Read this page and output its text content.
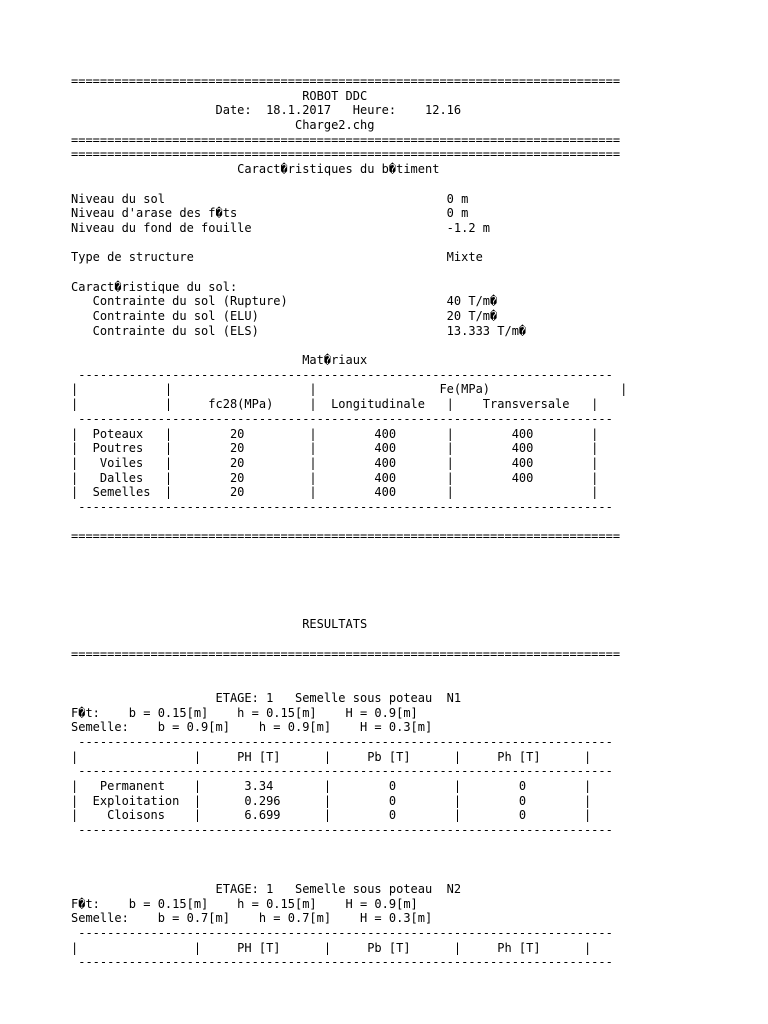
============================================================================
ROBOT DDC
Date:  18.1.2017   Heure:    12.16
Charge2.chg
============================================================================
============================================================================
Caract�ristiques du b�timent
Niveau du sol                                       0 m
Niveau d'arase des f�ts                             0 m
Niveau du fond de fouille                           -1.2 m
Type de structure                                   Mixte
Caract�ristique du sol:
Contrainte du sol (Rupture)                      40 T/m�
Contrainte du sol (ELU)                          20 T/m�
Contrainte du sol (ELS)                          13.333 T/m�
Mat�riaux
--------------------------------------------------------------------------
|            |                   |                 Fe(MPa)                  |
|            |     fc28(MPa)     |  Longitudinale   |    Transversale   |
--------------------------------------------------------------------------
|  Poteaux   |        20         |        400       |        400        |
|  Poutres   |        20         |        400       |        400        |
|   Voiles   |        20         |        400       |        400        |
|   Dalles   |        20         |        400       |        400        |
|  Semelles  |        20         |        400       |                   |
--------------------------------------------------------------------------
============================================================================
RESULTATS
============================================================================
ETAGE: 1   Semelle sous poteau  N1
F�t:    b = 0.15[m]    h = 0.15[m]    H = 0.9[m]
Semelle:    b = 0.9[m]    h = 0.9[m]    H = 0.3[m]
--------------------------------------------------------------------------
|                |     PH [T]      |     Pb [T]      |     Ph [T]      |
--------------------------------------------------------------------------
|   Permanent    |      3.34       |        0        |        0        |
|  Exploitation  |      0.296      |        0        |        0        |
|    Cloisons    |      6.699      |        0        |        0        |
--------------------------------------------------------------------------
ETAGE: 1   Semelle sous poteau  N2
F�t:    b = 0.15[m]    h = 0.15[m]    H = 0.9[m]
Semelle:    b = 0.7[m]    h = 0.7[m]    H = 0.3[m]
--------------------------------------------------------------------------
|                |     PH [T]      |     Pb [T]      |     Ph [T]      |
--------------------------------------------------------------------------
